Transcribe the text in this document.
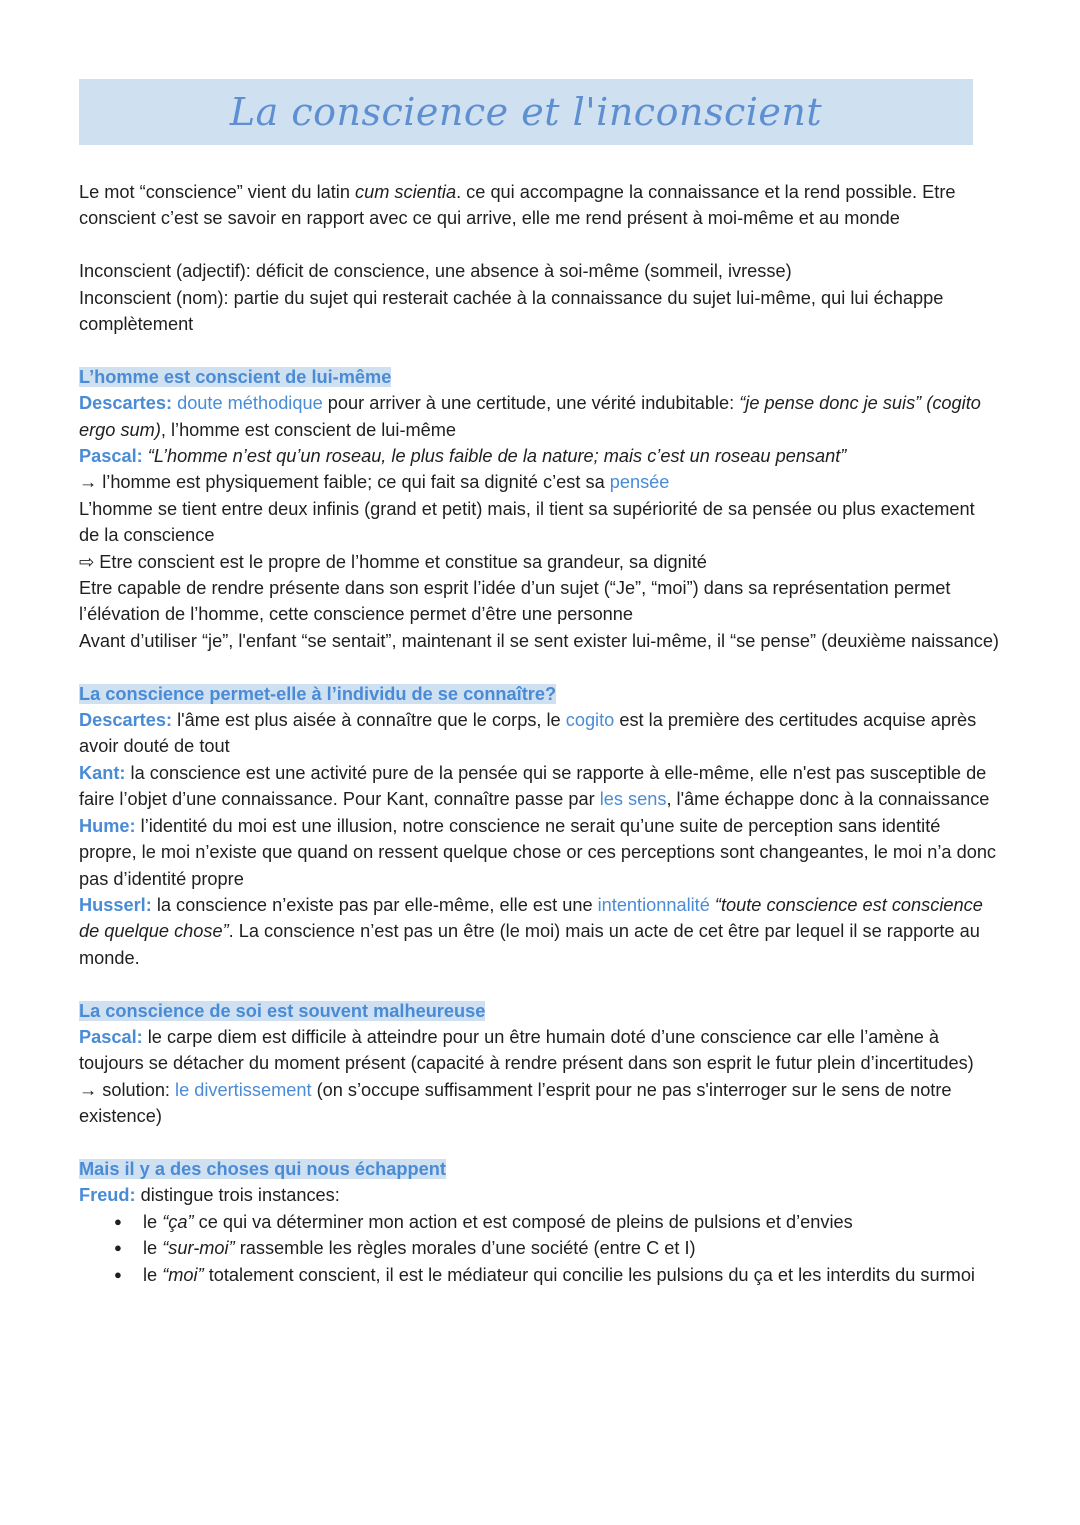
La conscience et l'inconscient

Le mot “conscience” vient du latin cum scientia. ce qui accompagne la connaissance et la rend possible. Etre conscient c’est se savoir en rapport avec ce qui arrive, elle me rend présent à moi-même et au monde

Inconscient (adjectif): déficit de conscience, une absence à soi-même (sommeil, ivresse)

Inconscient (nom): partie du sujet qui resterait cachée à la connaissance du sujet lui-même, qui lui échappe complètement

L’homme est conscient de lui-même

Descartes: doute méthodique pour arriver à une certitude, une vérité indubitable: “je pense donc je suis” (cogito ergo sum), l’homme est conscient de lui-même

Pascal: “L’homme n’est qu’un roseau, le plus faible de la nature; mais c’est un roseau pensant”

→ l’homme est physiquement faible; ce qui fait sa dignité c’est sa pensée

L’homme se tient entre deux infinis (grand et petit) mais, il tient sa supériorité de sa pensée ou plus exactement de la conscience

⇨ Etre conscient est le propre de l’homme et constitue sa grandeur, sa dignité

Etre capable de rendre présente dans son esprit l’idée d’un sujet (“Je”, “moi”) dans sa représentation permet l’élévation de l’homme, cette conscience permet d’être une personne

Avant d’utiliser “je”, l'enfant “se sentait”, maintenant il se sent exister lui-même, il “se pense” (deuxième naissance)

La conscience permet-elle à l’individu de se connaître?

Descartes: l'âme est plus aisée à connaître que le corps, le cogito est la première des certitudes acquise après avoir douté de tout

Kant: la conscience est une activité pure de la pensée qui se rapporte à elle-même, elle n'est pas susceptible de faire l’objet d’une connaissance. Pour Kant, connaître passe par les sens, l'âme échappe donc à la connaissance

Hume: l’identité du moi est une illusion, notre conscience ne serait qu’une suite de perception sans identité propre, le moi n’existe que quand on ressent quelque chose or ces perceptions sont changeantes, le moi n’a donc pas d’identité propre

Husserl: la conscience n’existe pas par elle-même, elle est une intentionnalité “toute conscience est conscience de quelque chose”. La conscience n’est pas un être (le moi) mais un acte de cet être par lequel il se rapporte au monde.

La conscience de soi est souvent malheureuse

Pascal: le carpe diem est difficile à atteindre pour un être humain doté d’une conscience car elle l’amène à toujours se détacher du moment présent (capacité à rendre présent dans son esprit le futur plein d’incertitudes)

→ solution: le divertissement (on s’occupe suffisamment l’esprit pour ne pas s'interroger sur le sens de notre existence)

Mais il y a des choses qui nous échappent

Freud: distingue trois instances:

● le “ça” ce qui va déterminer mon action et est composé de pleins de pulsions et d’envies
● le “sur-moi” rassemble les règles morales d’une société (entre C et I)
● le “moi” totalement conscient, il est le médiateur qui concilie les pulsions du ça et les interdits du surmoi
